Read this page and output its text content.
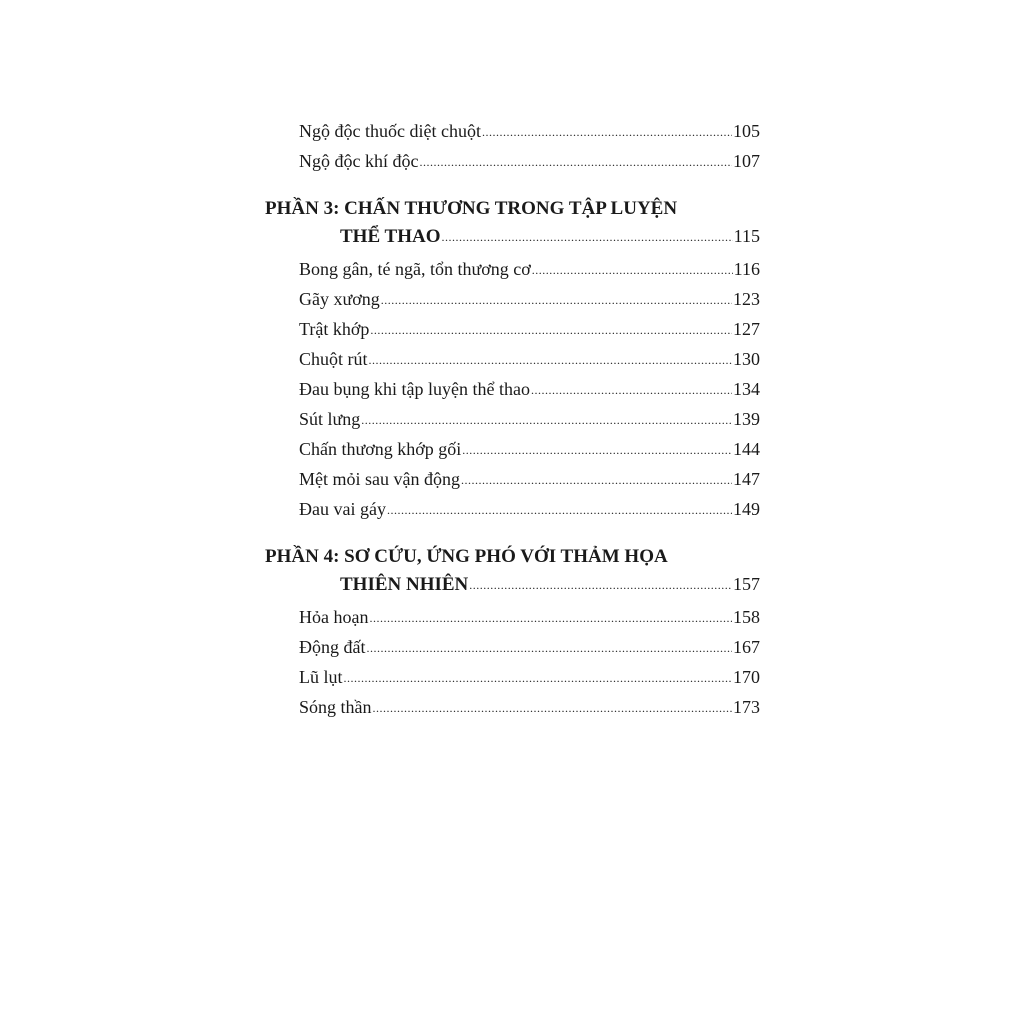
Ngộ độc thuốc diệt chuột .....	105
Ngộ độc khí độc .....	107
PHẦN 3: CHẤN THƯƠNG TRONG TẬP LUYỆN
THỂ THAO .....	115
Bong gân, té ngã, tổn thương cơ .....	116
Gãy xương .....	123
Trật khớp .....	127
Chuột rút .....	130
Đau bụng khi tập luyện thể thao .....	134
Sút lưng .....	139
Chấn thương khớp gối .....	144
Mệt mỏi sau vận động .....	147
Đau vai gáy .....	149
PHẦN 4: SƠ CỨU, ỨNG PHÓ VỚI THẢM HỌA
THIÊN NHIÊN .....	157
Hỏa hoạn .....	158
Động đất .....	167
Lũ lụt .....	170
Sóng thần .....	173
